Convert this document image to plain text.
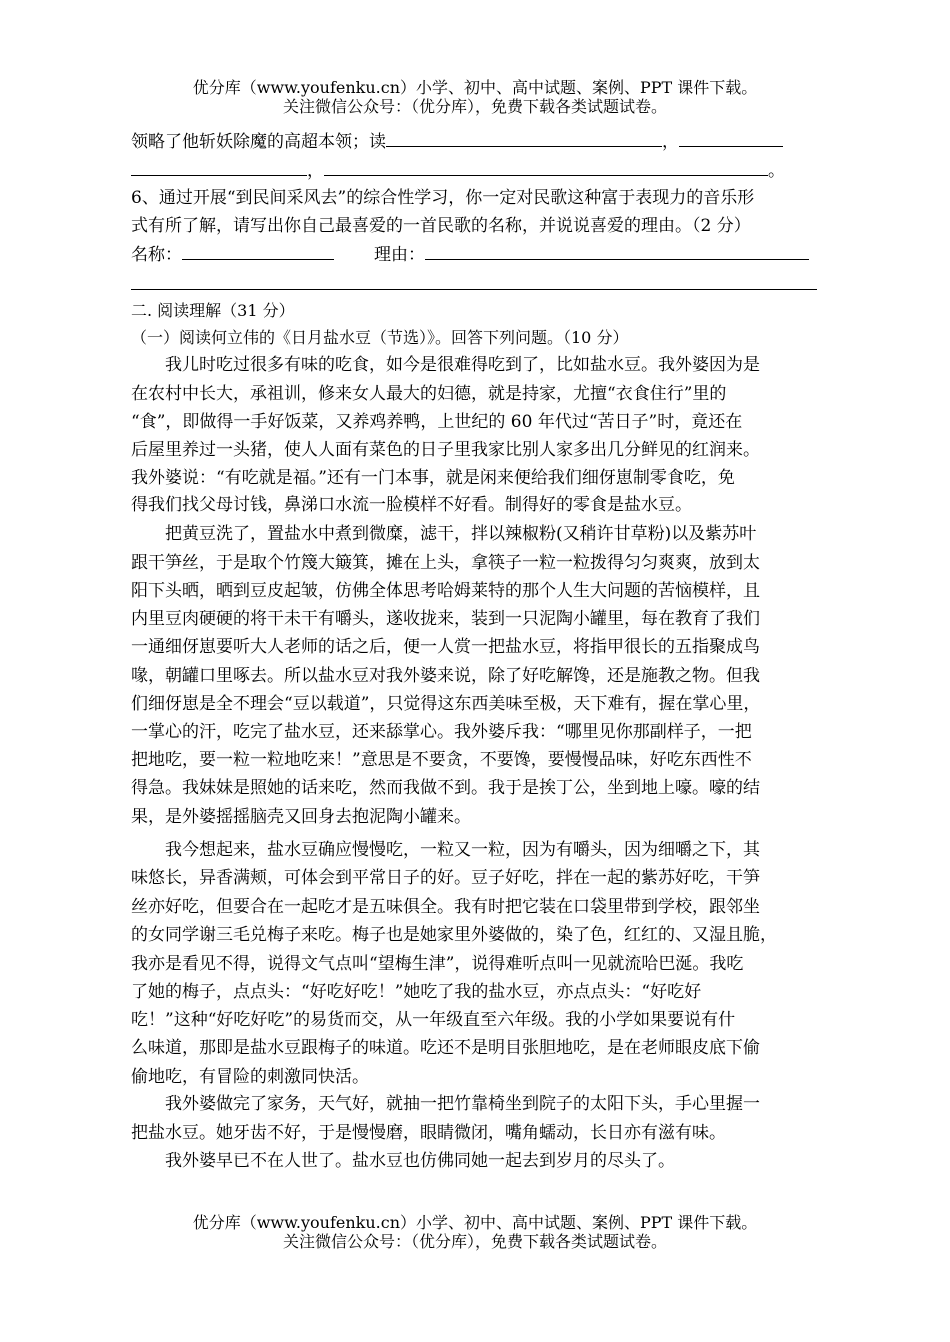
优分库（www.youfenku.cn）小学、初中、高中试题、案例、PPT 课件下载。
关注微信公众号：（优分库），免费下载各类试题试卷。
领略了他斩妖除魔的高超本领；读	，
，	。
6、通过开展“到民间采风去”的综合性学习，你一定对民歌这种富于表现力的音乐形
式有所了解，请写出你自己最喜爱的一首民歌的名称，并说说喜爱的理由。（2 分）
名称：	理由：
二. 阅读理解（31 分）
（一）阅读何立伟的《日月盐水豆（节选）》。回答下列问题。（10 分）
我儿时吃过很多有味的吃食，如今是很难得吃到了，比如盐水豆。我外婆因为是
在农村中长大，承祖训，修来女人最大的妇德，就是持家，尤擅“衣食住行”里的
“食”，即做得一手好饭菜，又养鸡养鸭，上世纪的 60 年代过“苦日子”时，竟还在
后屋里养过一头猪，使人人面有菜色的日子里我家比别人家多出几分鲜见的红润来。
我外婆说：“有吃就是福。”还有一门本事，就是闲来便给我们细伢崽制零食吃，免
得我们找父母讨钱，鼻涕口水流一脸模样不好看。制得好的零食是盐水豆。
把黄豆洗了，置盐水中煮到微糜，滤干，拌以辣椒粉(又稍许甘草粉)以及紫苏叶
跟干笋丝，于是取个竹篾大簸箕，摊在上头，拿筷子一粒一粒拨得匀匀爽爽，放到太
阳下头晒，晒到豆皮起皱，仿佛全体思考哈姆莱特的那个人生大问题的苦恼模样，且
内里豆肉硬硬的将干未干有嚼头，遂收拢来，装到一只泥陶小罐里，每在教育了我们
一通细伢崽要听大人老师的话之后，便一人赏一把盐水豆，将指甲很长的五指聚成鸟
喙，朝罐口里啄去。所以盐水豆对我外婆来说，除了好吃解馋，还是施教之物。但我
们细伢崽是全不理会“豆以载道”，只觉得这东西美味至极，天下难有，握在掌心里，
一掌心的汗，吃完了盐水豆，还来舔掌心。我外婆斥我：“哪里见你那副样子，一把
把地吃，要一粒一粒地吃来！”意思是不要贪，不要馋，要慢慢品味，好吃东西性不
得急。我妹妹是照她的话来吃，然而我做不到。我于是挨丁公，坐到地上嚎。嚎的结
果，是外婆摇摇脑壳又回身去抱泥陶小罐来。
我今想起来，盐水豆确应慢慢吃，一粒又一粒，因为有嚼头，因为细嚼之下，其
味悠长，异香满颊，可体会到平常日子的好。豆子好吃，拌在一起的紫苏好吃，干笋
丝亦好吃，但要合在一起吃才是五味俱全。我有时把它装在口袋里带到学校，跟邻坐
的女同学谢三毛兑梅子来吃。梅子也是她家里外婆做的，染了色，红红的、又湿且脆，
我亦是看见不得，说得文气点叫“望梅生津”，说得难听点叫一见就流哈巴涎。我吃
了她的梅子，点点头：“好吃好吃！”她吃了我的盐水豆，亦点点头：“好吃好
吃！”这种“好吃好吃”的易货而交，从一年级直至六年级。我的小学如果要说有什
么味道，那即是盐水豆跟梅子的味道。吃还不是明目张胆地吃，是在老师眼皮底下偷
偷地吃，有冒险的刺激同快活。
我外婆做完了家务，天气好，就抽一把竹靠椅坐到院子的太阳下头，手心里握一
把盐水豆。她牙齿不好，于是慢慢磨，眼睛微闭，嘴角蠕动，长日亦有滋有味。
我外婆早已不在人世了。盐水豆也仿佛同她一起去到岁月的尽头了。
优分库（www.youfenku.cn）小学、初中、高中试题、案例、PPT 课件下载。
关注微信公众号：（优分库），免费下载各类试题试卷。
